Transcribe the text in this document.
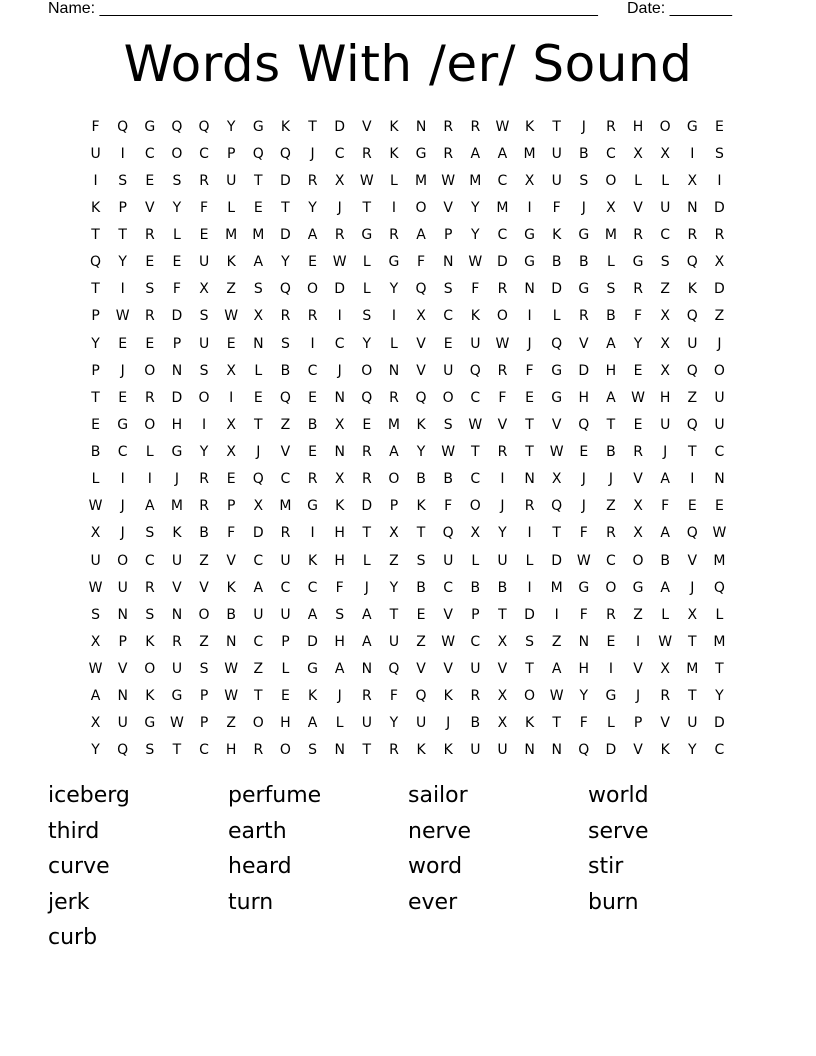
Name: ________________________________________________________ Date: _______
Words With /er/ Sound
F	Q	G	Q	Q	Y	G	K	T	D	V	K	N	R	R	W	K	T	J	R	H	O	G	E
U	I	C	O	C	P	Q	Q	J	C	R	K	G	R	A	A	M	U	B	C	X	X	I	S
I	S	E	S	R	U	T	D	R	X	W	L	M	W	M	C	X	U	S	O	L	L	X	I
K	P	V	Y	F	L	E	T	Y	J	T	I	O	V	Y	M	I	F	J	X	V	U	N	D
T	T	R	L	E	M	M	D	A	R	G	R	A	P	Y	C	G	K	G	M	R	C	R	R
Q	Y	E	E	U	K	A	Y	E	W	L	G	F	N	W	D	G	B	B	L	G	S	Q	X
T	I	S	F	X	Z	S	Q	O	D	L	Y	Q	S	F	R	N	D	G	S	R	Z	K	D
P	W	R	D	S	W	X	R	R	I	S	I	X	C	K	O	I	L	R	B	F	X	Q	Z
Y	E	E	P	U	E	N	S	I	C	Y	L	V	E	U	W	J	Q	V	A	Y	X	U	J
P	J	O	N	S	X	L	B	C	J	O	N	V	U	Q	R	F	G	D	H	E	X	Q	O
T	E	R	D	O	I	E	Q	E	N	Q	R	Q	O	C	F	E	G	H	A	W	H	Z	U
E	G	O	H	I	X	T	Z	B	X	E	M	K	S	W	V	T	V	Q	T	E	U	Q	U
B	C	L	G	Y	X	J	V	E	N	R	A	Y	W	T	R	T	W	E	B	R	J	T	C
L	I	I	J	R	E	Q	C	R	X	R	O	B	B	C	I	N	X	J	J	V	A	I	N
W	J	A	M	R	P	X	M	G	K	D	P	K	F	O	J	R	Q	J	Z	X	F	E	E
X	J	S	K	B	F	D	R	I	H	T	X	T	Q	X	Y	I	T	F	R	X	A	Q	W
U	O	C	U	Z	V	C	U	K	H	L	Z	S	U	L	U	L	D	W	C	O	B	V	M
W	U	R	V	V	K	A	C	C	F	J	Y	B	C	B	B	I	M	G	O	G	A	J	Q
S	N	S	N	O	B	U	U	A	S	A	T	E	V	P	T	D	I	F	R	Z	L	X	L
X	P	K	R	Z	N	C	P	D	H	A	U	Z	W	C	X	S	Z	N	E	I	W	T	M
W	V	O	U	S	W	Z	L	G	A	N	Q	V	V	U	V	T	A	H	I	V	X	M	T
A	N	K	G	P	W	T	E	K	J	R	F	Q	K	R	X	O	W	Y	G	J	R	T	Y
X	U	G	W	P	Z	O	H	A	L	U	Y	U	J	B	X	K	T	F	L	P	V	U	D
Y	Q	S	T	C	H	R	O	S	N	T	R	K	K	U	U	N	N	Q	D	V	K	Y	C
iceberg	perfume	sailor	world
third	earth	nerve	serve
curve	heard	word	stir
jerk	turn	ever	burn
curb
